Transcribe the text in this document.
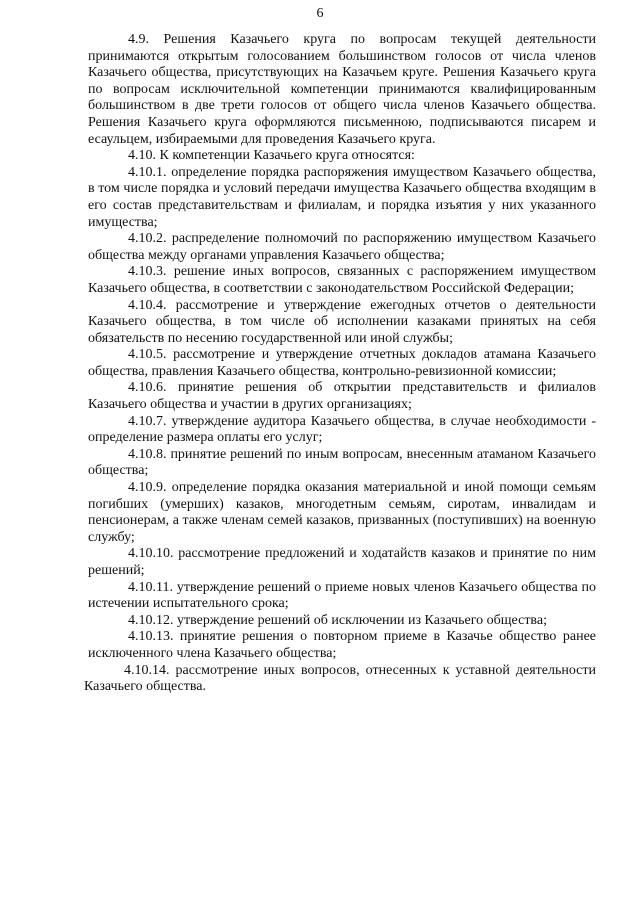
6

4.9. Решения Казачьего круга по вопросам текущей деятельности принимаются открытым голосованием большинством голосов от числа членов Казачьего общества, присутствующих на Казачьем круге. Решения Казачьего круга по вопросам исключительной компетенции принимаются квалифицированным большинством в две трети голосов от общего числа членов Казачьего общества. Решения Казачьего круга оформляются письменною, подписываются писарем и есаульцем, избираемыми для проведения Казачьего круга.

4.10. К компетенции Казачьего круга относятся:

4.10.1. определение порядка распоряжения имуществом Казачьего общества, в том числе порядка и условий передачи имущества Казачьего общества входящим в его состав представительствам и филиалам, и порядка изъятия у них указанного имущества;

4.10.2. распределение полномочий по распоряжению имуществом Казачьего общества между органами управления Казачьего общества;

4.10.3. решение иных вопросов, связанных с распоряжением имуществом Казачьего общества, в соответствии с законодательством Российской Федерации;

4.10.4. рассмотрение и утверждение ежегодных отчетов о деятельности Казачьего общества, в том числе об исполнении казаками принятых на себя обязательств по несению государственной или иной службы;

4.10.5. рассмотрение и утверждение отчетных докладов атамана Казачьего общества, правления Казачьего общества, контрольно-ревизионной комиссии;

4.10.6. принятие решения об открытии представительств и филиалов Казачьего общества и участии в других организациях;

4.10.7. утверждение аудитора Казачьего общества, в случае необходимости - определение размера оплаты его услуг;

4.10.8. принятие решений по иным вопросам, внесенным атаманом Казачьего общества;

4.10.9. определение порядка оказания материальной и иной помощи семьям погибших (умерших) казаков, многодетным семьям, сиротам, инвалидам и пенсионерам, а также членам семей казаков, призванных (поступивших) на военную службу;

4.10.10. рассмотрение предложений и ходатайств казаков и принятие по ним решений;

4.10.11. утверждение решений о приеме новых членов Казачьего общества по истечении испытательного срока;

4.10.12. утверждение решений об исключении из Казачьего общества;

4.10.13. принятие решения о повторном приеме в Казачье общество ранее исключенного члена Казачьего общества;

4.10.14. рассмотрение иных вопросов, отнесенных к уставной деятельности Казачьего общества.
